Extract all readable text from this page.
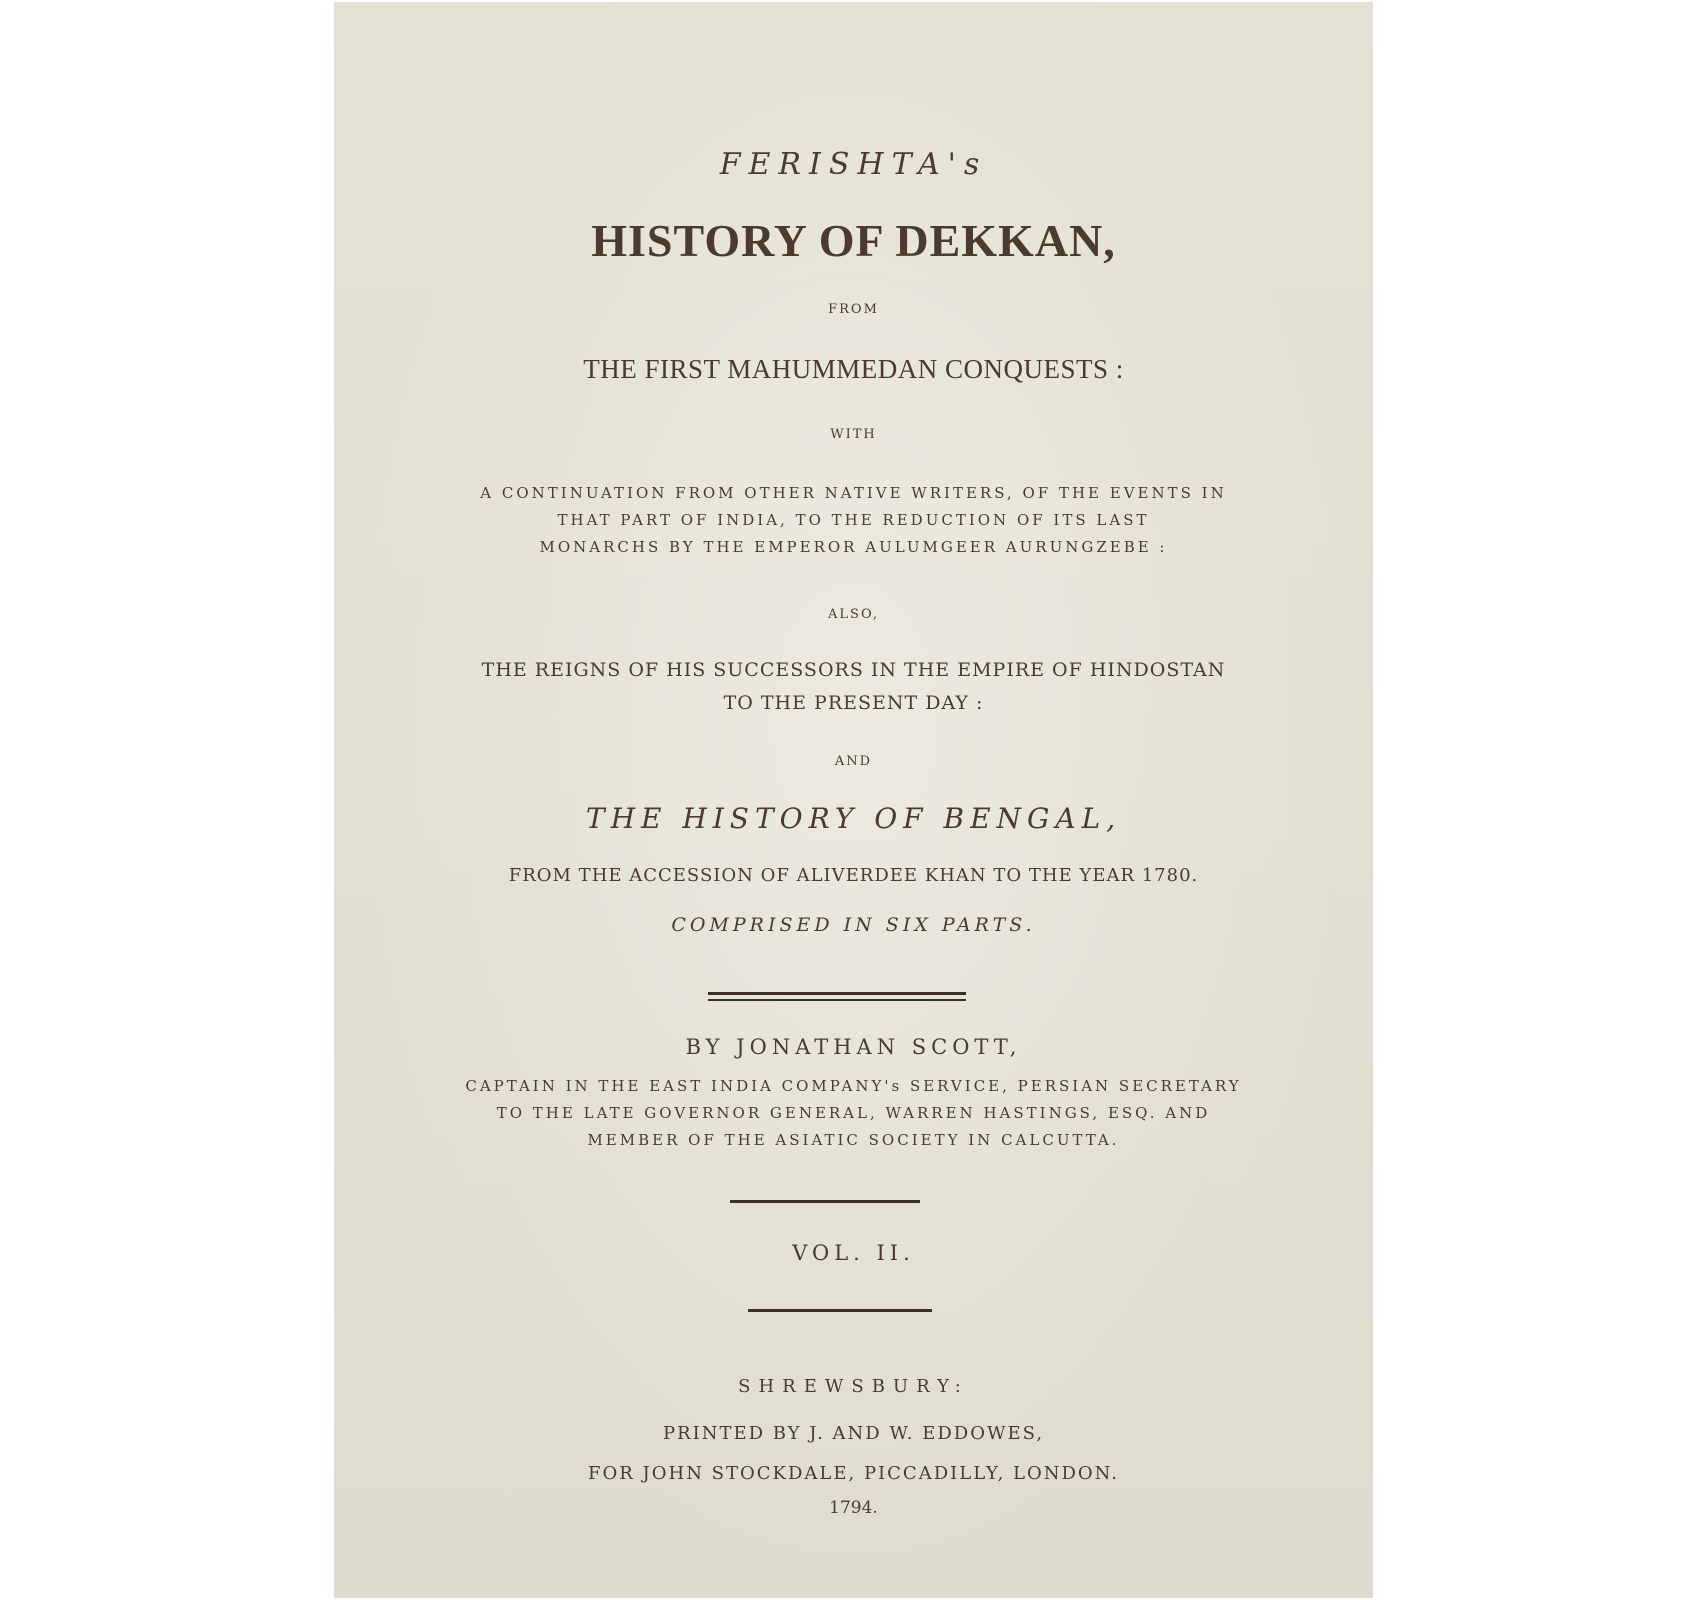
FERISHTA's
HISTORY OF DEKKAN,
FROM
THE FIRST MAHUMMEDAN CONQUESTS :
WITH
A CONTINUATION FROM OTHER NATIVE WRITERS, OF THE EVENTS IN
THAT PART OF INDIA, TO THE REDUCTION OF ITS LAST
MONARCHS BY THE EMPEROR AULUMGEER AURUNGZEBE :
ALSO,
THE REIGNS OF HIS SUCCESSORS IN THE EMPIRE OF HINDOSTAN
TO THE PRESENT DAY :
AND
THE HISTORY OF BENGAL,
FROM THE ACCESSION OF ALIVERDEE KHAN TO THE YEAR 1780.
COMPRISED IN SIX PARTS.
BY JONATHAN SCOTT,
CAPTAIN IN THE EAST INDIA COMPANY's SERVICE, PERSIAN SECRETARY
TO THE LATE GOVERNOR GENERAL, WARREN HASTINGS, ESQ. AND
MEMBER OF THE ASIATIC SOCIETY IN CALCUTTA.
VOL. II.
SHREWSBURY:
PRINTED BY J. AND W. EDDOWES,
FOR JOHN STOCKDALE, PICCADILLY, LONDON.
1794.
